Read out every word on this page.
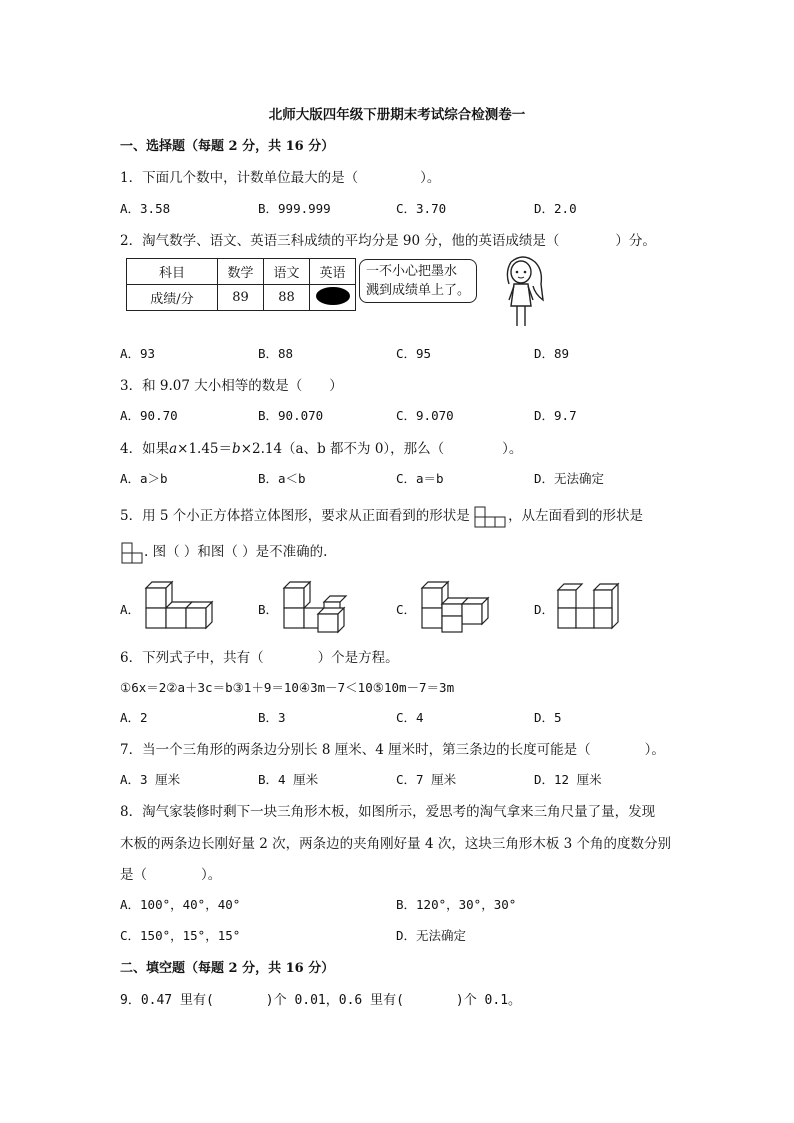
北师大版四年级下册期末考试综合检测卷一
一、选择题（每题 2 分，共 16 分）
1．下面几个数中，计数单位最大的是（	）。
A．3.58	B．999.999	C．3.70	D．2.0
2．淘气数学、语文、英语三科成绩的平均分是 90 分，他的英语成绩是（	）分。
科目	数学	语文	英语
成绩/分	89	88	
一不小心把墨水
溅到成绩单上了。
A．93	B．88	C．95	D．89
3．和 9.07 大小相等的数是（　　）
A．90.70	B．90.070	C．9.070	D．9.7
4．如果a×1.45＝b×2.14（a、b 都不为 0），那么（	）。
A．a＞b	B．a＜b	C．a＝b	D．无法确定
5．用 5 个小正方体搭立体图形，要求从正面看到的形状是	，从左面看到的形状是
. 图（ ）和图（ ）是不准确的.
A．	B．	C．	D．
6．下列式子中，共有（	）个是方程。
①6x＝2②a＋3c＝b③1＋9＝10④3m－7＜10⑤10m－7＝3m
A．2	B．3	C．4	D．5
7．当一个三角形的两条边分别长 8 厘米、4 厘米时，第三条边的长度可能是（	）。
A．3 厘米	B．4 厘米	C．7 厘米	D．12 厘米
8．淘气家装修时剩下一块三角形木板，如图所示，爱思考的淘气拿来三角尺量了量，发现
木板的两条边长刚好量 2 次，两条边的夹角刚好量 4 次，这块三角形木板 3 个角的度数分别
是（	）。
A．100°，40°，40°	B．120°，30°，30°
C．150°，15°，15°	D．无法确定
二、填空题（每题 2 分，共 16 分）
9．0.47 里有(	)个 0.01，0.6 里有(	)个 0.1。
